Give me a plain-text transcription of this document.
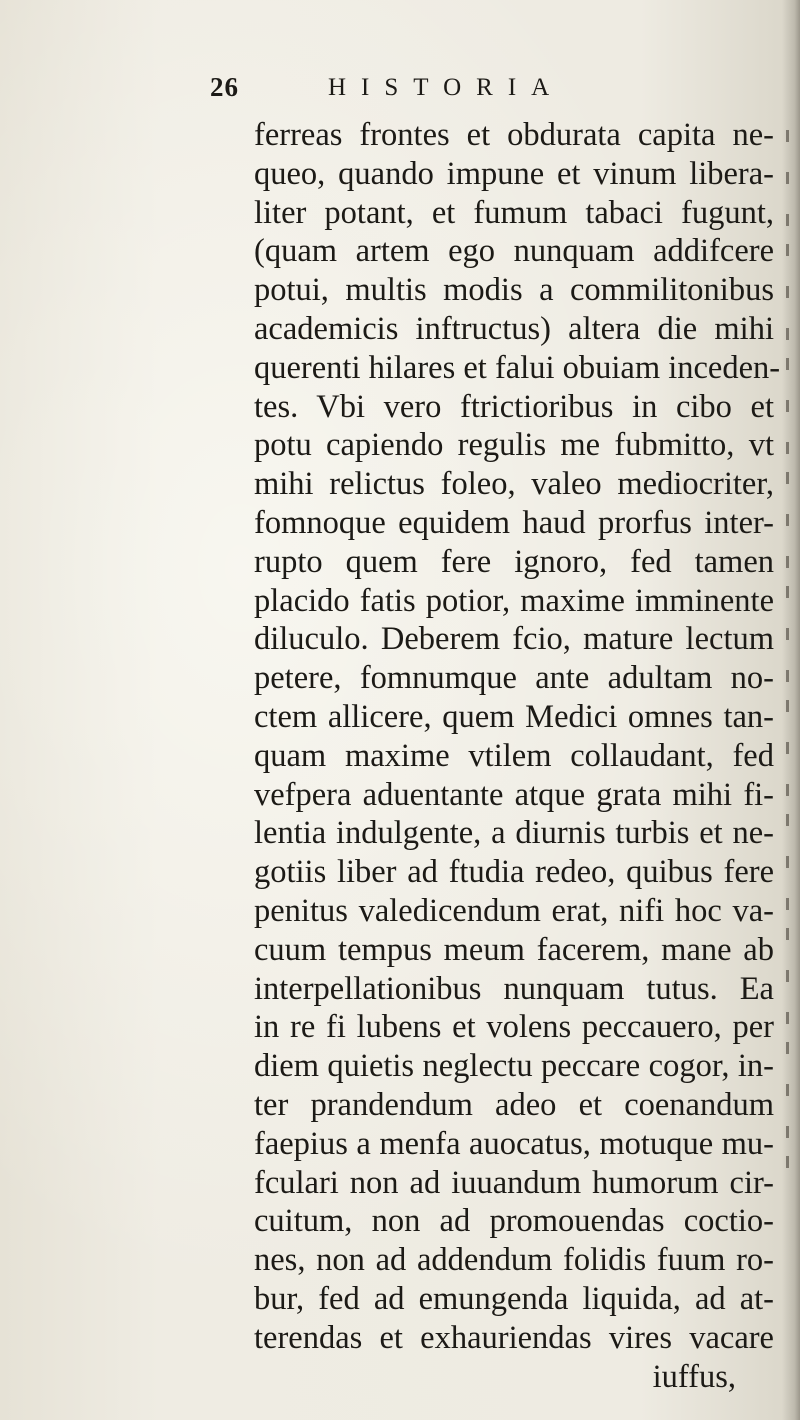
26	HISTORIA
ferreas frontes et obdurata capita ne-
queo, quando impune et vinum libera-
liter potant, et fumum tabaci fugunt,
(quam artem ego nunquam addifcere
potui, multis modis a commilitonibus
academicis inftructus) altera die mihi
querenti hilares et falui obuiam inceden-
tes. Vbi vero ftrictioribus in cibo et
potu capiendo regulis me fubmitto, vt
mihi relictus foleo, valeo mediocriter,
fomnoque equidem haud prorfus inter-
rupto quem fere ignoro, fed tamen
placido fatis potior, maxime imminente
diluculo. Deberem fcio, mature lectum
petere, fomnumque ante adultam no-
ctem allicere, quem Medici omnes tan-
quam maxime vtilem collaudant, fed
vefpera aduentante atque grata mihi fi-
lentia indulgente, a diurnis turbis et ne-
gotiis liber ad ftudia redeo, quibus fere
penitus valedicendum erat, nifi hoc va-
cuum tempus meum facerem, mane ab
interpellationibus nunquam tutus. Ea
in re fi lubens et volens peccauero, per
diem quietis neglectu peccare cogor, in-
ter prandendum adeo et coenandum
faepius a menfa auocatus, motuque mu-
fculari non ad iuuandum humorum cir-
cuitum, non ad promouendas coctio-
nes, non ad addendum folidis fuum ro-
bur, fed ad emungenda liquida, ad at-
terendas et exhauriendas vires vacare
iuffus,
